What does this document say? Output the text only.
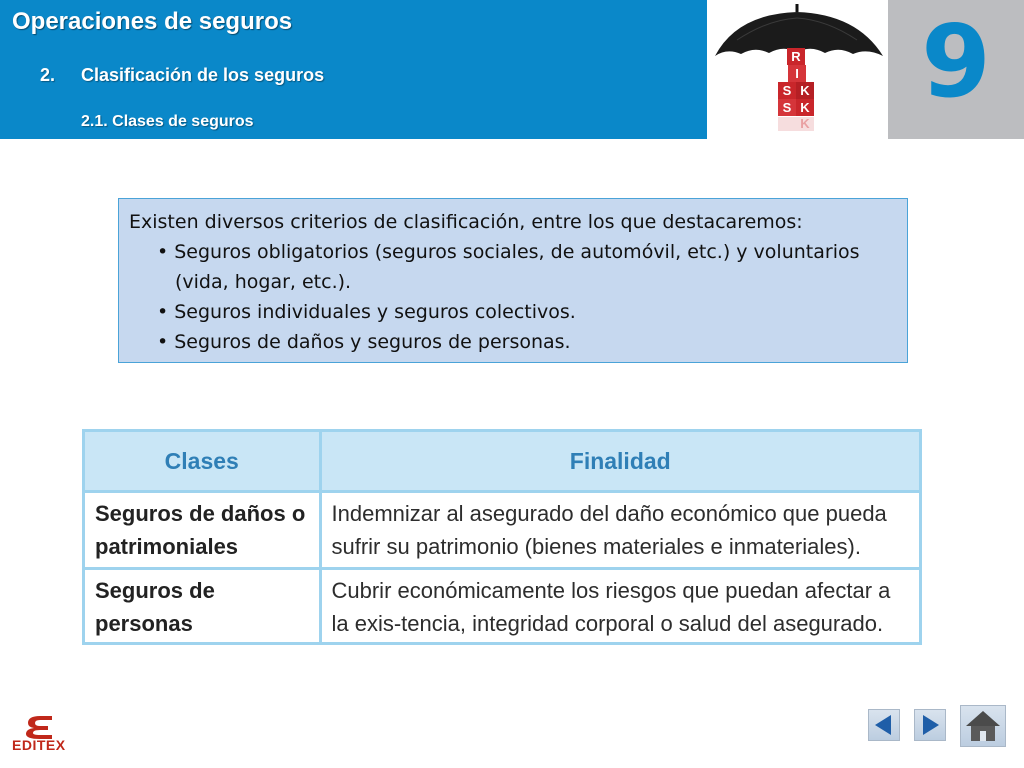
Operaciones de seguros
2. Clasificación de los seguros
2.1. Clases de seguros
R
I
S K
S K
K
9

Existen diversos criterios de clasificación, entre los que destacaremos:

• Seguros obligatorios (seguros sociales, de automóvil, etc.) y voluntarios (vida, hogar, etc.).
• Seguros individuales y seguros colectivos.
• Seguros de daños y seguros de personas.
Clases	Finalidad
Seguros de daños o patrimoniales	Indemnizar al asegurado del daño económico que pueda sufrir su patrimonio (bienes materiales e inmateriales).
Seguros de personas	Cubrir económicamente los riesgos que puedan afectar a la exis-tencia, integridad corporal o salud del asegurado.
EDITEX
